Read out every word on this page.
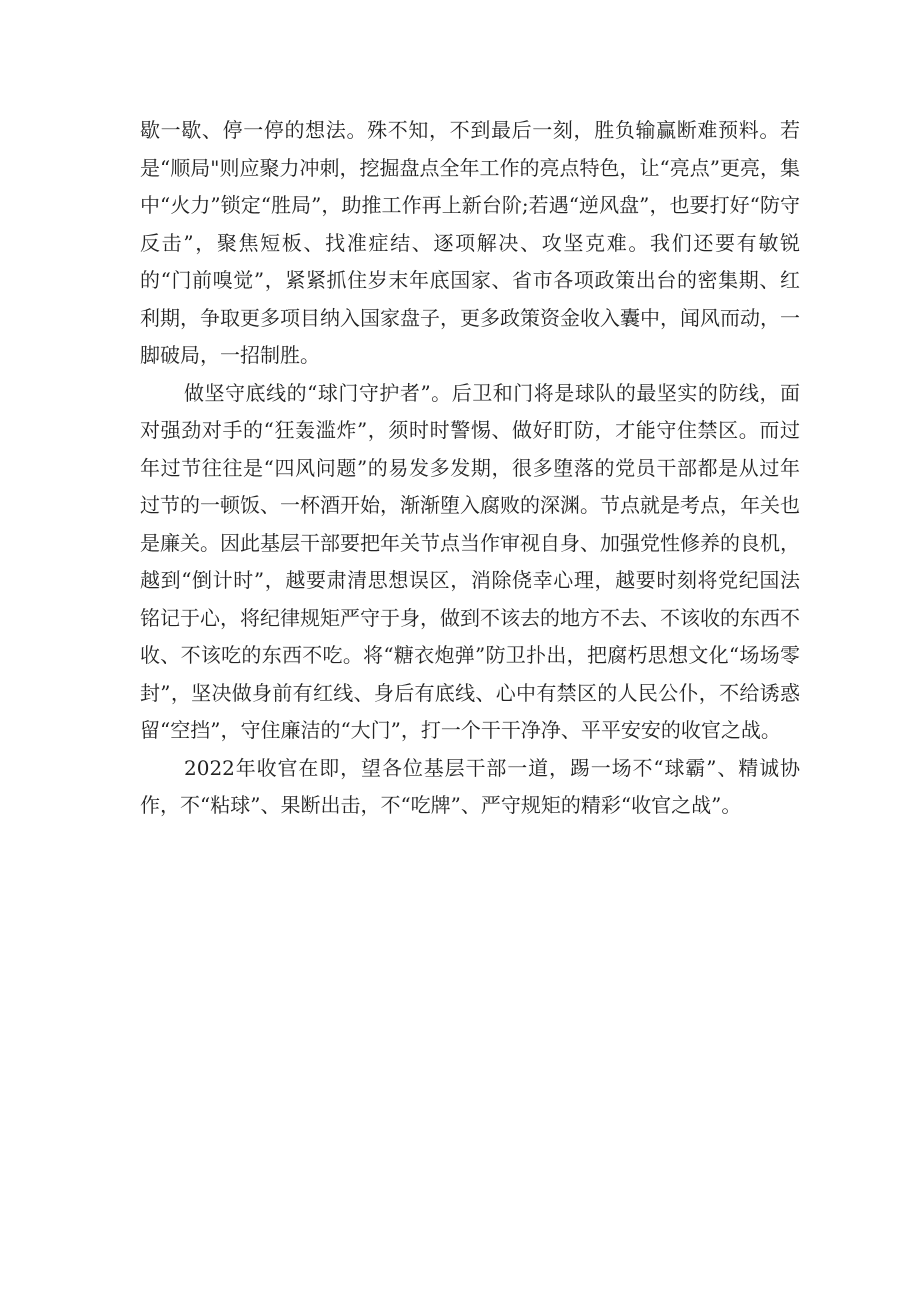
歇一歇、停一停的想法。殊不知，不到最后一刻，胜负输赢断难预料。若是“顺局"则应聚力冲刺，挖掘盘点全年工作的亮点特色，让“亮点”更亮，集中“火力”锁定“胜局”，助推工作再上新台阶;若遇“逆风盘”，也要打好“防守反击”，聚焦短板、找准症结、逐项解决、攻坚克难。我们还要有敏锐的“门前嗅觉”，紧紧抓住岁末年底国家、省市各项政策出台的密集期、红利期，争取更多项目纳入国家盘子，更多政策资金收入囊中，闻风而动，一脚破局，一招制胜。

做坚守底线的“球门守护者”。后卫和门将是球队的最坚实的防线，面对强劲对手的“狂轰滥炸”，须时时警惕、做好盯防，才能守住禁区。而过年过节往往是“四风问题”的易发多发期，很多堕落的党员干部都是从过年过节的一顿饭、一杯酒开始，渐渐堕入腐败的深渊。节点就是考点，年关也是廉关。因此基层干部要把年关节点当作审视自身、加强党性修养的良机，越到“倒计时”，越要肃清思想误区，消除侥幸心理，越要时刻将党纪国法铭记于心，将纪律规矩严守于身，做到不该去的地方不去、不该收的东西不收、不该吃的东西不吃。将“糖衣炮弹”防卫扑出，把腐朽思想文化“场场零封”，坚决做身前有红线、身后有底线、心中有禁区的人民公仆，不给诱惑留“空挡”，守住廉洁的“大门”，打一个干干净净、平平安安的收官之战。

2022年收官在即，望各位基层干部一道，踢一场不“球霸”、精诚协作，不“粘球”、果断出击，不“吃牌”、严守规矩的精彩“收官之战”。
